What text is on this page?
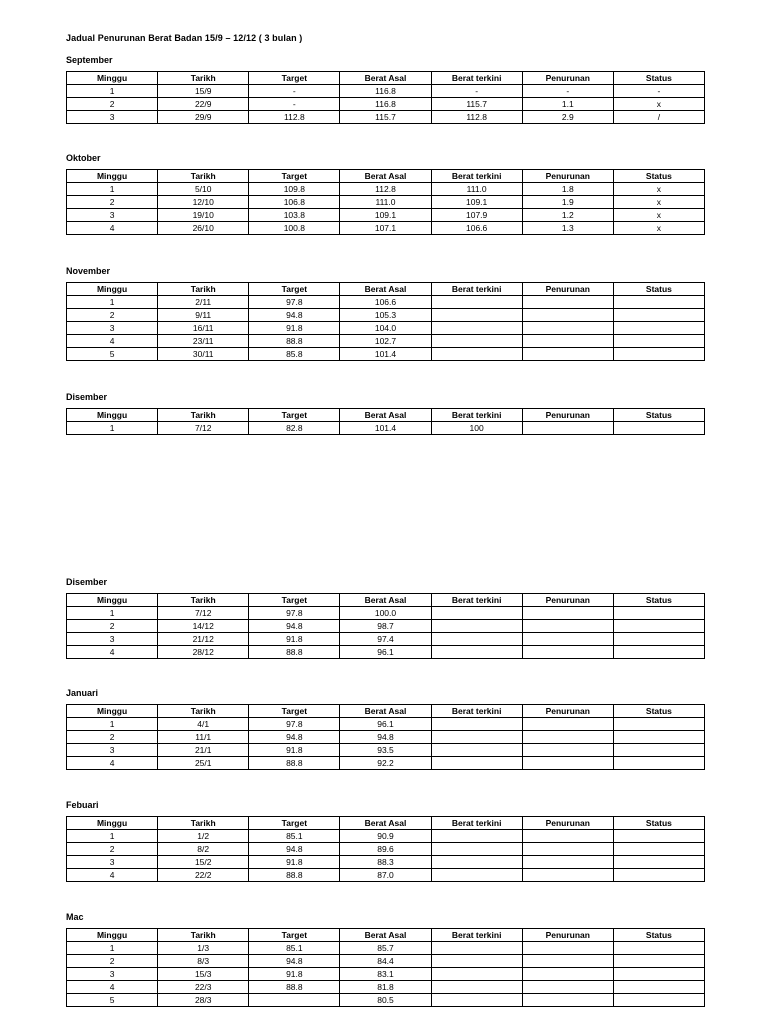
Jadual Penurunan Berat Badan 15/9 – 12/12 ( 3 bulan )
September
Minggu	Tarikh	Target	Berat Asal	Berat terkini	Penurunan	Status
1	15/9	-	116.8	-	-	-
2	22/9	-	116.8	115.7	1.1	x
3	29/9	112.8	115.7	112.8	2.9	/
Oktober
Minggu	Tarikh	Target	Berat Asal	Berat terkini	Penurunan	Status
1	5/10	109.8	112.8	111.0	1.8	x
2	12/10	106.8	111.0	109.1	1.9	x
3	19/10	103.8	109.1	107.9	1.2	x
4	26/10	100.8	107.1	106.6	1.3	x
November
Minggu	Tarikh	Target	Berat Asal	Berat terkini	Penurunan	Status
1	2/11	97.8	106.6			
2	9/11	94.8	105.3			
3	16/11	91.8	104.0			
4	23/11	88.8	102.7			
5	30/11	85.8	101.4			
Disember
Minggu	Tarikh	Target	Berat Asal	Berat terkini	Penurunan	Status
1	7/12	82.8	101.4	100		
Disember
Minggu	Tarikh	Target	Berat Asal	Berat terkini	Penurunan	Status
1	7/12	97.8	100.0			
2	14/12	94.8	98.7			
3	21/12	91.8	97.4			
4	28/12	88.8	96.1			
Januari
Minggu	Tarikh	Target	Berat Asal	Berat terkini	Penurunan	Status
1	4/1	97.8	96.1			
2	11/1	94.8	94.8			
3	21/1	91.8	93.5			
4	25/1	88.8	92.2			
Febuari
Minggu	Tarikh	Target	Berat Asal	Berat terkini	Penurunan	Status
1	1/2	85.1	90.9			
2	8/2	94.8	89.6			
3	15/2	91.8	88.3			
4	22/2	88.8	87.0			
Mac
Minggu	Tarikh	Target	Berat Asal	Berat terkini	Penurunan	Status
1	1/3	85.1	85.7			
2	8/3	94.8	84.4			
3	15/3	91.8	83.1			
4	22/3	88.8	81.8			
5	28/3		80.5			
